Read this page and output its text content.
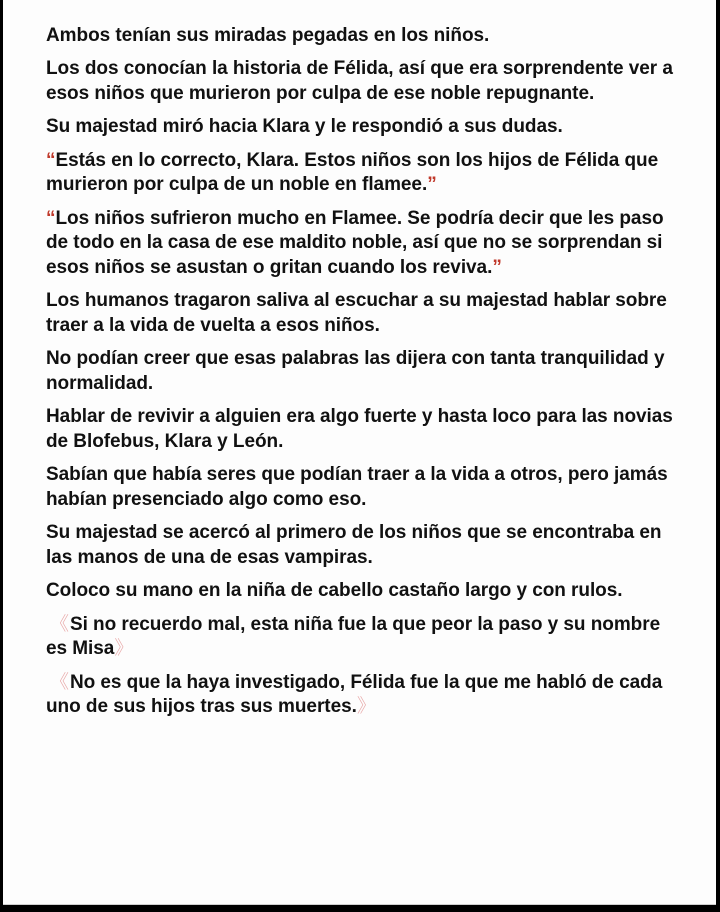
Ambos tenían sus miradas pegadas en los niños.

Los dos conocían la historia de Félida, así que era sorprendente ver a esos niños que murieron por culpa de ese noble repugnante.

Su majestad miró hacia Klara y le respondió a sus dudas.

“Estás en lo correcto, Klara. Estos niños son los hijos de Félida que murieron por culpa de un noble en flamee.”

“Los niños sufrieron mucho en Flamee. Se podría decir que les paso de todo en la casa de ese maldito noble, así que no se sorprendan si esos niños se asustan o gritan cuando los reviva.”

Los humanos tragaron saliva al escuchar a su majestad hablar sobre traer a la vida de vuelta a esos niños.

No podían creer que esas palabras las dijera con tanta tranquilidad y normalidad.

Hablar de revivir a alguien era algo fuerte y hasta loco para las novias de Blofebus, Klara y León.

Sabían que había seres que podían traer a la vida a otros, pero jamás habían presenciado algo como eso.

Su majestad se acercó al primero de los niños que se encontraba en las manos de una de esas vampiras.

Coloco su mano en la niña de cabello castaño largo y con rulos.

《Si no recuerdo mal, esta niña fue la que peor la paso y su nombre es Misa》

《No es que la haya investigado, Félida fue la que me habló de cada uno de sus hijos tras sus muertes.》
